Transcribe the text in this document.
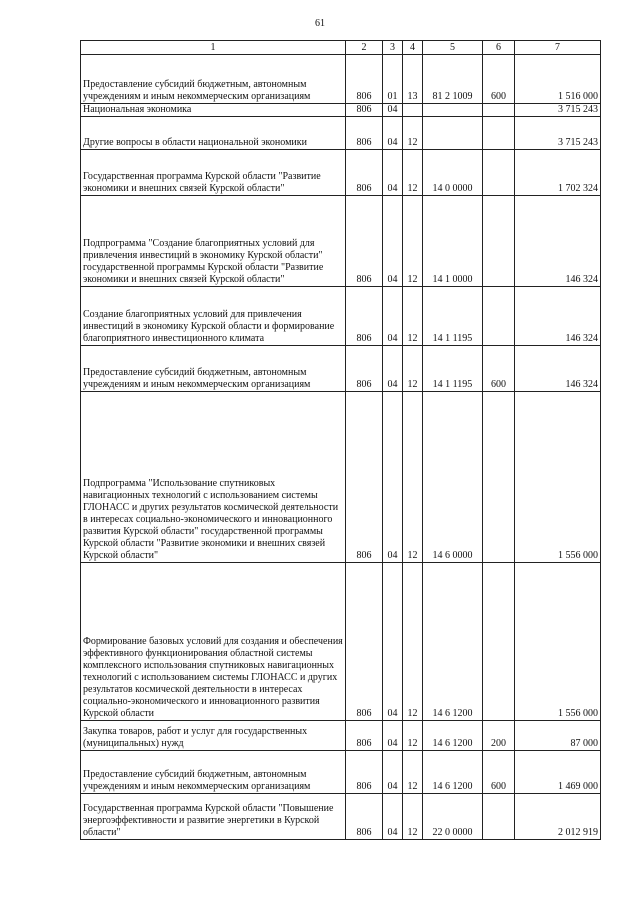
61
1	2	3	4	5	6	7
Предоставление субсидий бюджетным, автономным учреждениям и иным некоммерческим организациям	806	01	13	81 2 1009	600	1 516 000
Национальная экономика	806	04				3 715 243
Другие вопросы в области национальной экономики	806	04	12			3 715 243
Государственная программа Курской области "Развитие экономики и внешних связей Курской области"	806	04	12	14 0 0000		1 702 324
Подпрограмма "Создание благоприятных условий для привлечения инвестиций в экономику Курской области" государственной программы Курской области "Развитие экономики и внешних связей Курской области"	806	04	12	14 1 0000		146 324
Создание благоприятных условий для привлечения инвестиций в экономику Курской области и формирование благоприятного инвестиционного климата	806	04	12	14 1 1195		146 324
Предоставление субсидий бюджетным, автономным учреждениям и иным некоммерческим организациям	806	04	12	14 1 1195	600	146 324
Подпрограмма "Использование спутниковых навигационных технологий с использованием системы ГЛОНАСС и других результатов космической деятельности в интересах социально-экономического и инновационного развития Курской области" государственной программы Курской области "Развитие экономики и внешних связей Курской области"	806	04	12	14 6 0000		1 556 000
Формирование базовых условий для создания и обеспечения эффективного функционирования областной системы комплексного использования спутниковых навигационных технологий с использованием системы ГЛОНАСС и других результатов космической деятельности в интересах социально-экономического и инновационного развития Курской области	806	04	12	14 6 1200		1 556 000
Закупка товаров, работ и услуг для государственных (муниципальных) нужд	806	04	12	14 6 1200	200	87 000
Предоставление субсидий бюджетным, автономным учреждениям и иным некоммерческим организациям	806	04	12	14 6 1200	600	1 469 000
Государственная программа Курской области "Повышение энергоэффективности и развитие энергетики в Курской области"	806	04	12	22 0 0000		2 012 919
